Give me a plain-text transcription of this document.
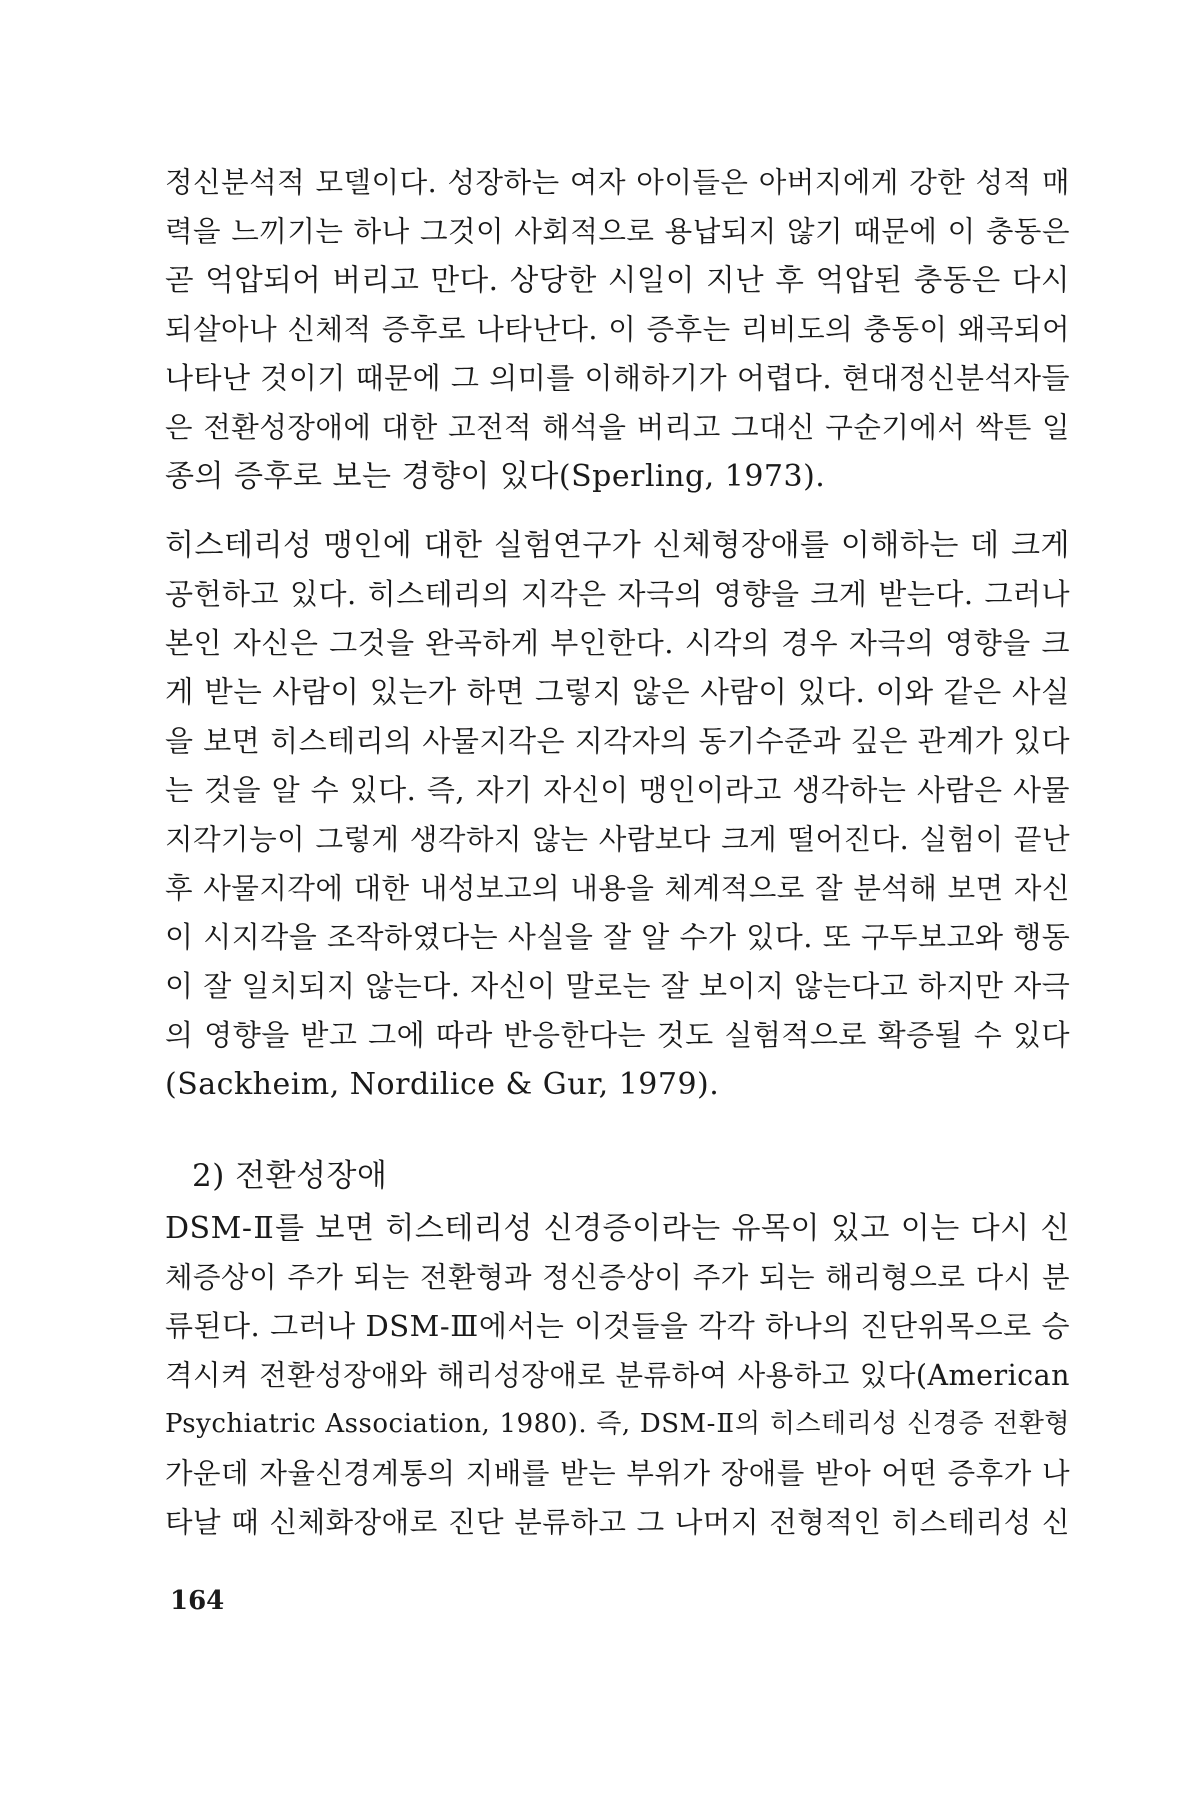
정신분석적 모델이다. 성장하는 여자 아이들은 아버지에게 강한 성적 매
력을 느끼기는 하나 그것이 사회적으로 용납되지 않기 때문에 이 충동은
곧 억압되어 버리고 만다. 상당한 시일이 지난 후 억압된 충동은 다시
되살아나 신체적 증후로 나타난다. 이 증후는 리비도의 충동이 왜곡되어
나타난 것이기 때문에 그 의미를 이해하기가 어렵다. 현대정신분석자들
은 전환성장애에 대한 고전적 해석을 버리고 그대신 구순기에서 싹튼 일
종의 증후로 보는 경향이 있다(Sperling, 1973).
히스테리성 맹인에 대한 실험연구가 신체형장애를 이해하는 데 크게
공헌하고 있다. 히스테리의 지각은 자극의 영향을 크게 받는다. 그러나
본인 자신은 그것을 완곡하게 부인한다. 시각의 경우 자극의 영향을 크
게 받는 사람이 있는가 하면 그렇지 않은 사람이 있다. 이와 같은 사실
을 보면 히스테리의 사물지각은 지각자의 동기수준과 깊은 관계가 있다
는 것을 알 수 있다. 즉, 자기 자신이 맹인이라고 생각하는 사람은 사물
지각기능이 그렇게 생각하지 않는 사람보다 크게 떨어진다. 실험이 끝난
후 사물지각에 대한 내성보고의 내용을 체계적으로 잘 분석해 보면 자신
이 시지각을 조작하였다는 사실을 잘 알 수가 있다. 또 구두보고와 행동
이 잘 일치되지 않는다. 자신이 말로는 잘 보이지 않는다고 하지만 자극
의 영향을 받고 그에 따라 반응한다는 것도 실험적으로 확증될 수 있다
(Sackheim, Nordilice & Gur, 1979).
2) 전환성장애
DSM-Ⅱ를 보면 히스테리성 신경증이라는 유목이 있고 이는 다시 신
체증상이 주가 되는 전환형과 정신증상이 주가 되는 해리형으로 다시 분
류된다. 그러나 DSM-Ⅲ에서는 이것들을 각각 하나의 진단위목으로 승
격시켜 전환성장애와 해리성장애로 분류하여 사용하고 있다(American
Psychiatric Association, 1980). 즉, DSM-Ⅱ의 히스테리성 신경증 전환형
가운데 자율신경계통의 지배를 받는 부위가 장애를 받아 어떤 증후가 나
타날 때 신체화장애로 진단 분류하고 그 나머지 전형적인 히스테리성 신
164
